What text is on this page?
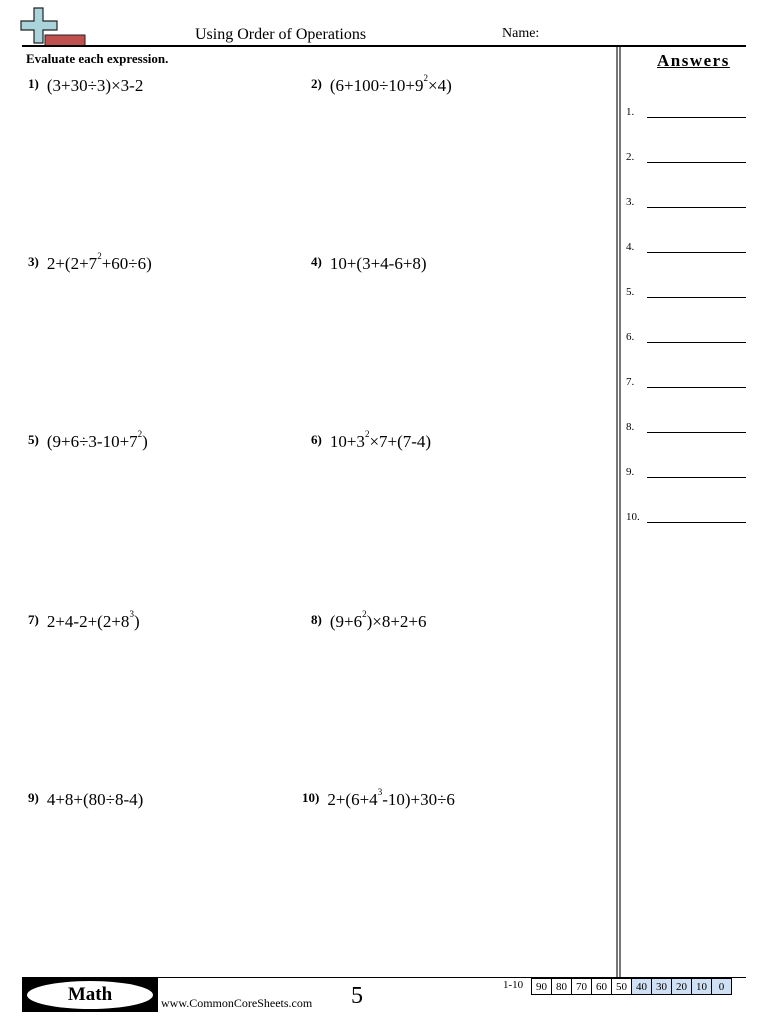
Using Order of Operations	Name:
Evaluate each expression.
1) (3+30÷3)×3-2	2) $(6+100\div 10+9^2\times 4)$
3) $2+(2+7^2+60\div 6)$	4) 10+(3+4-6+8)
5) $(9+6\div 3-10+7^2)$	6) $10+3^2\times 7+(7-4)$
7) $2+4-2+(2+8^3)$	8) $(9+6^2)\times 8+2+6$
9) 4+8+(80÷8-4)	10) $2+(6+4^3-10)+30\div 6$
Answers
1.
2.
3.
4.
5.
6.
7.
8.
9.
10.
Math	www.CommonCoreSheets.com 5	1-10	90 80 70 60 50 40 30 20 10	0
